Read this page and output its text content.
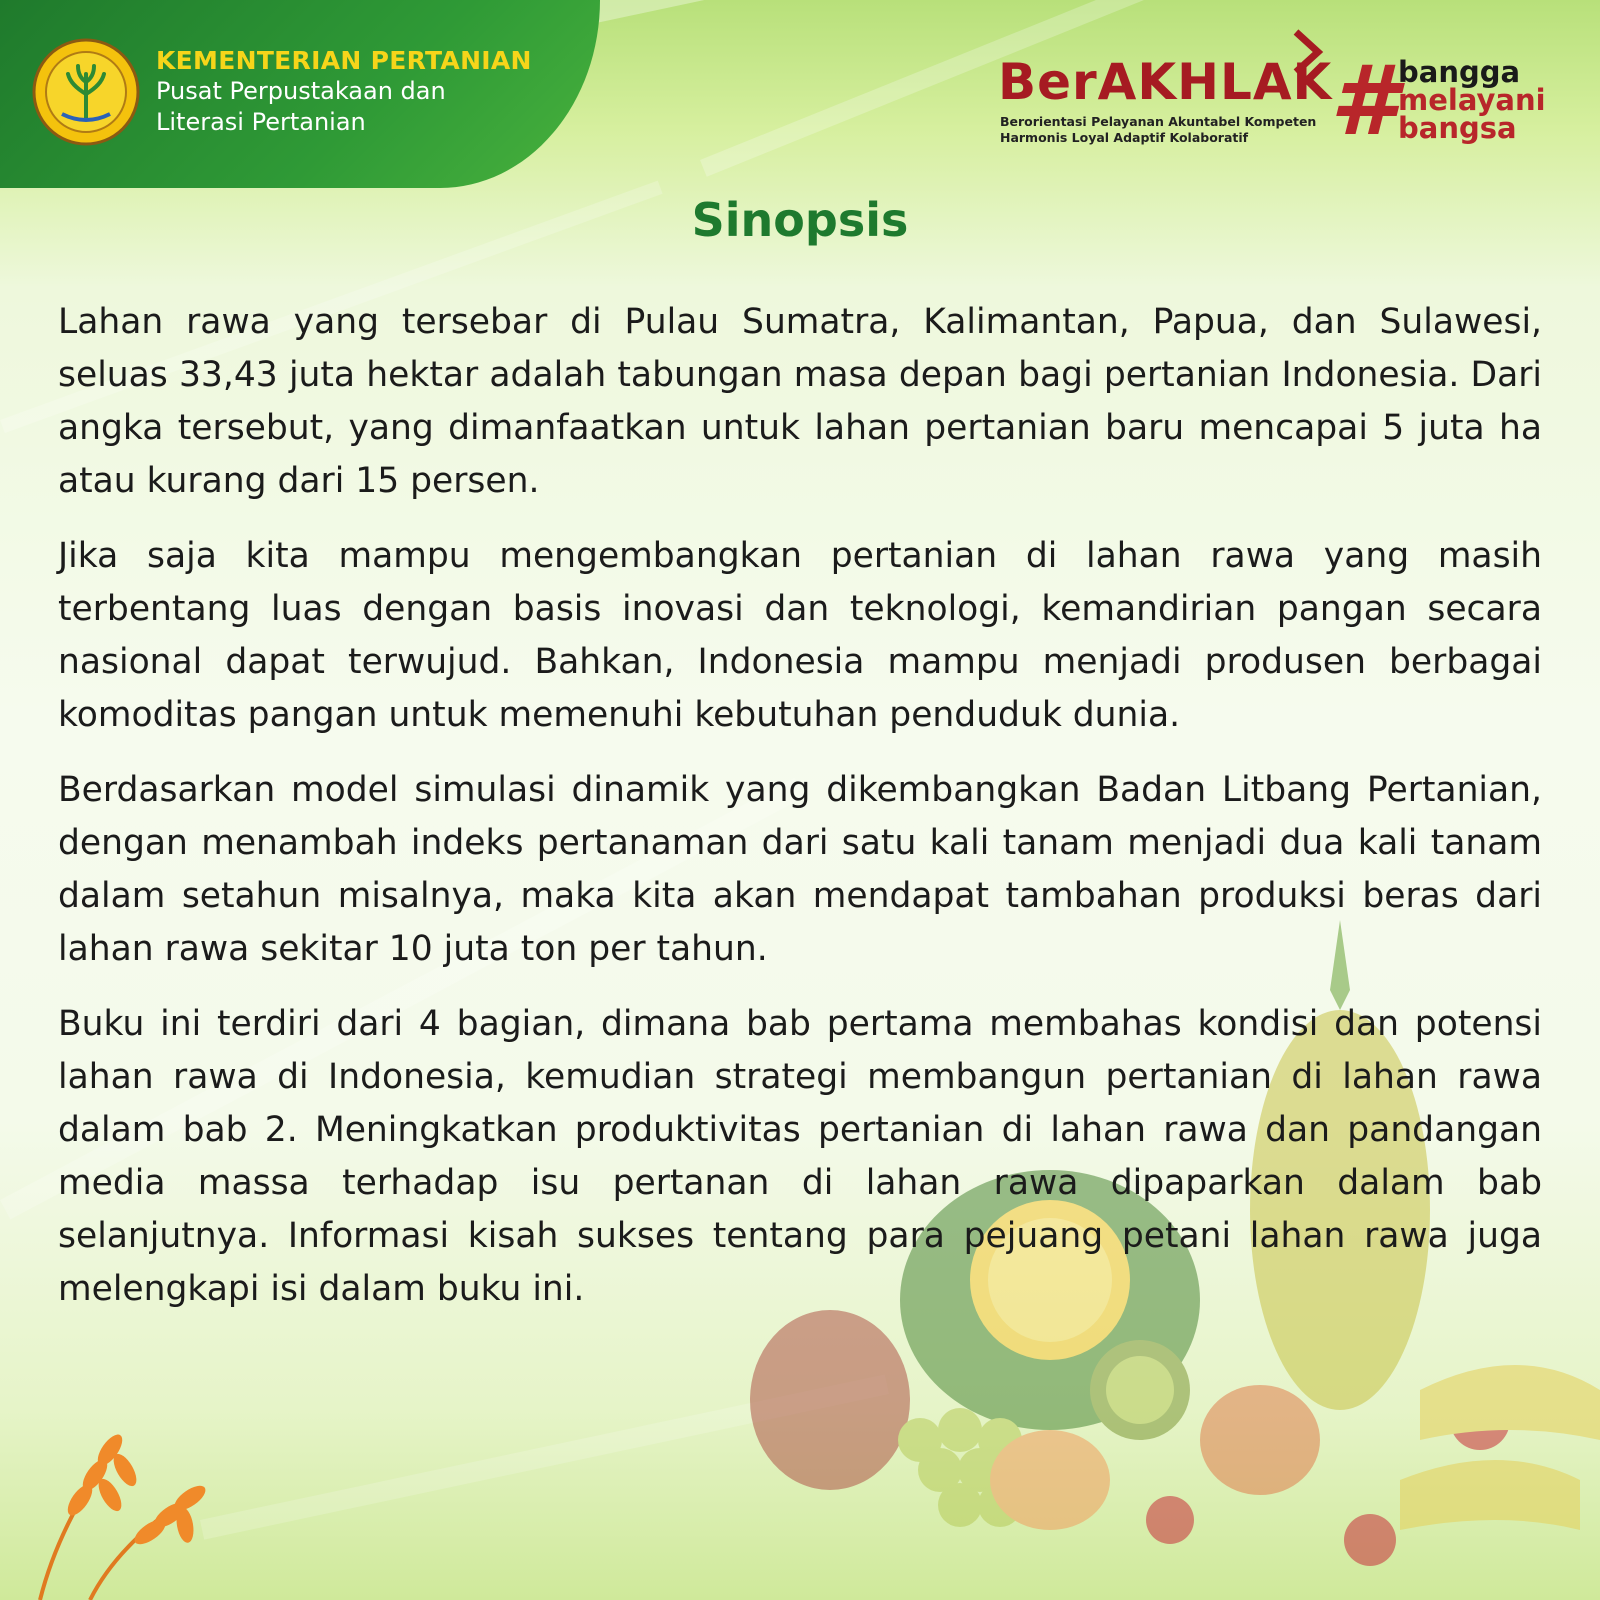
KEMENTERIAN PERTANIAN
Pusat Perpustakaan dan
Literasi Pertanian
BerAKHLAK
Berorientasi Pelayanan Akuntabel Kompeten
Harmonis Loyal Adaptif Kolaboratif # bangga
melayani
bangsa
Sinopsis

Lahan rawa yang tersebar di Pulau Sumatra, Kalimantan, Papua, dan Sulawesi, seluas 33,43 juta hektar adalah tabungan masa depan bagi pertanian Indonesia. Dari angka tersebut, yang dimanfaatkan untuk lahan pertanian baru mencapai 5 juta ha atau kurang dari 15 persen.

Jika saja kita mampu mengembangkan pertanian di lahan rawa yang masih terbentang luas dengan basis inovasi dan teknologi, kemandirian pangan secara nasional dapat terwujud. Bahkan, Indonesia mampu menjadi produsen berbagai komoditas pangan untuk memenuhi kebutuhan penduduk dunia.

Berdasarkan model simulasi dinamik yang dikembangkan Badan Litbang Pertanian, dengan menambah indeks pertanaman dari satu kali tanam menjadi dua kali tanam dalam setahun misalnya, maka kita akan mendapat tambahan produksi beras dari lahan rawa sekitar 10 juta ton per tahun.

Buku ini terdiri dari 4 bagian, dimana bab pertama membahas kondisi dan potensi lahan rawa di Indonesia, kemudian strategi membangun pertanian di lahan rawa dalam bab 2. Meningkatkan produktivitas pertanian di lahan rawa dan pandangan media massa terhadap isu pertanan di lahan rawa dipaparkan dalam bab selanjutnya. Informasi kisah sukses tentang para pejuang petani lahan rawa juga melengkapi isi dalam buku ini.
